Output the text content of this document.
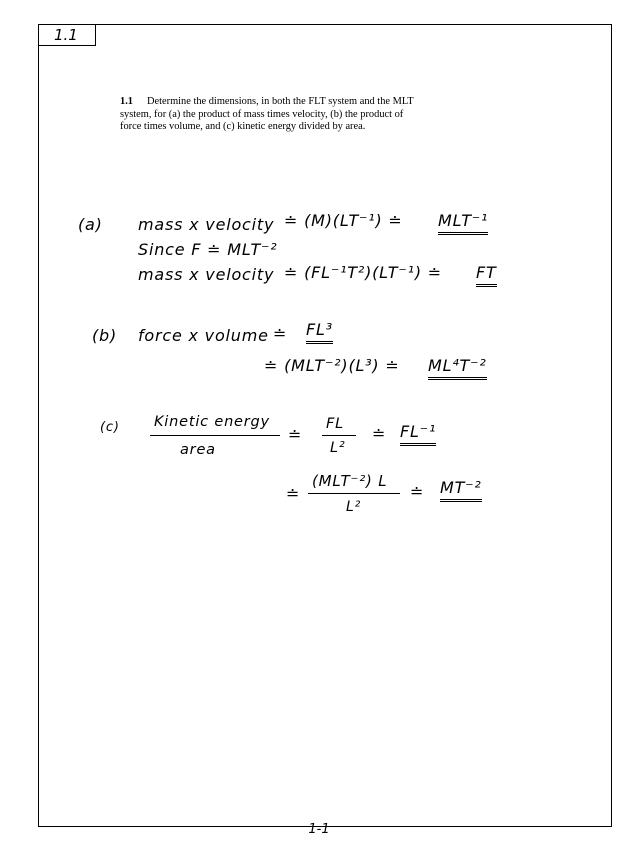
1.1
1.1 Determine the dimensions, in both the FLT system and the MLT system, for (a) the product of mass times velocity, (b) the product of force times volume, and (c) kinetic energy divided by area.
(a) mass x velocity ≐ (M)(LT⁻¹) ≐ MLT⁻¹
Since F ≐ MLT⁻²
mass x velocity ≐ (FL⁻¹T²)(LT⁻¹) ≐ FT
(b) force x volume ≐ FL³
≐ (MLT⁻²)(L³) ≐ ML⁴T⁻²
(c) Kinetic energy
area
≐
FL
L²
≐ FL⁻¹
≐
(MLT⁻²) L
L²
≐ MT⁻²
1-1
